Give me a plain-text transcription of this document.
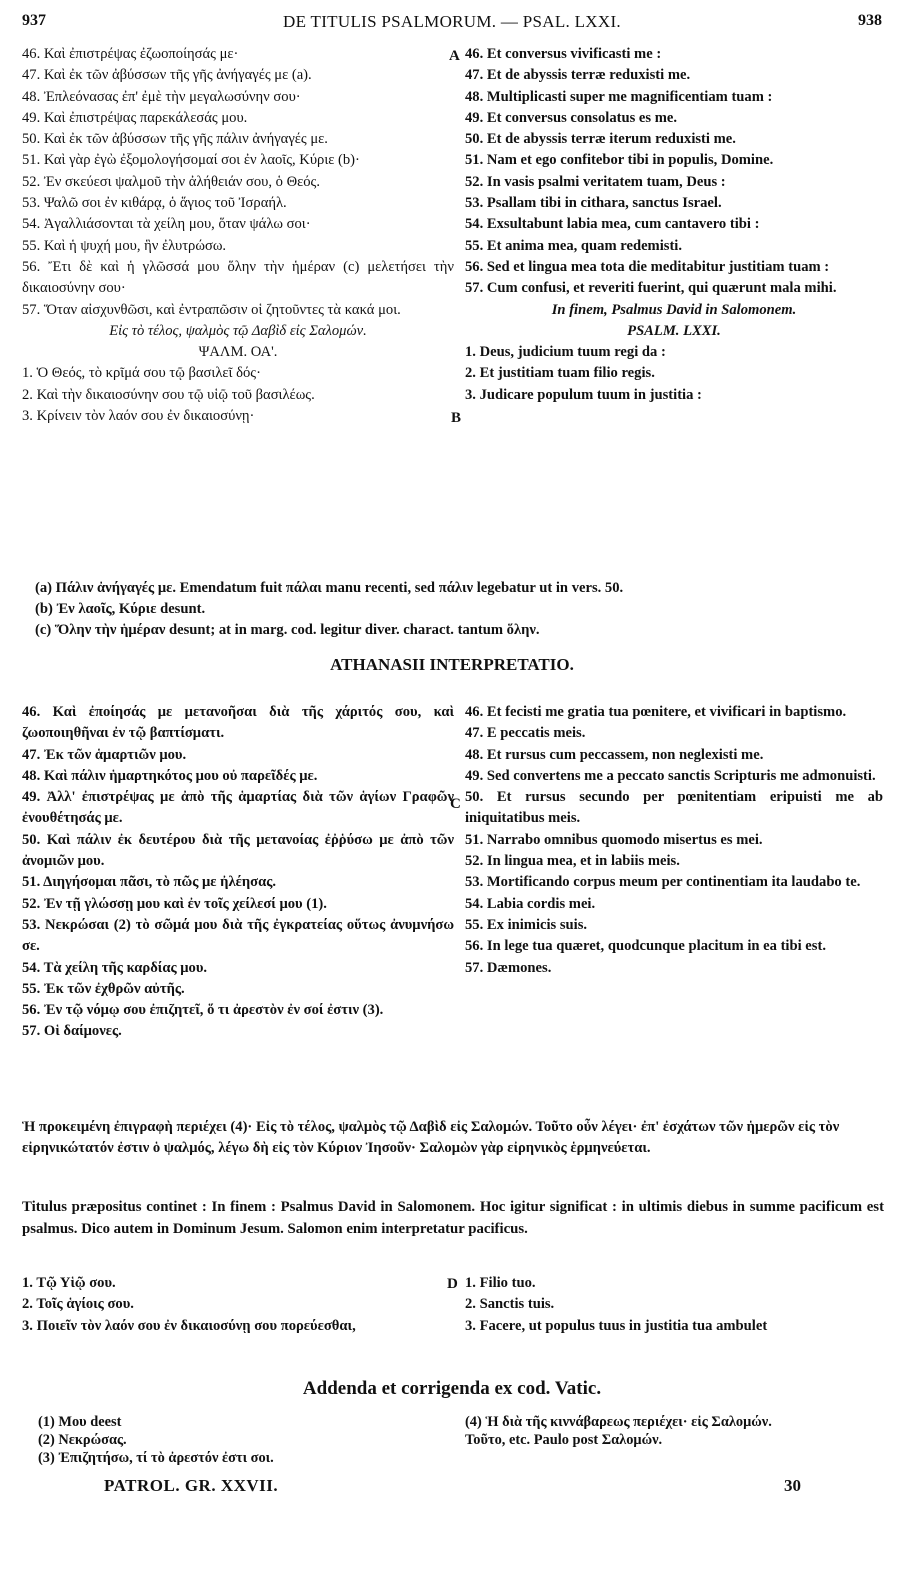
937	DE TITULIS PSALMORUM. — PSAL. LXXI.	938
A
B
C
D
46. Καὶ ἐπιστρέψας ἐζωοποίησάς με·
47. Καὶ ἐκ τῶν ἀβύσσων τῆς γῆς ἀνήγαγές με (a).
48. Ἐπλεόνασας ἐπ' ἐμὲ τὴν μεγαλωσύνην σου·
49. Καὶ ἐπιστρέψας παρεκάλεσάς μου.
50. Καὶ ἐκ τῶν ἀβύσσων τῆς γῆς πάλιν ἀνήγαγές με.
51. Καὶ γὰρ ἐγὼ ἐξομολογήσομαί σοι ἐν λαοῖς, Κύριε (b)·
52. Ἐν σκεύεσι ψαλμοῦ τὴν ἀλήθειάν σου, ὁ Θεός.
53. Ψαλῶ σοι ἐν κιθάρᾳ, ὁ ἅγιος τοῦ Ἰσραήλ.
54. Ἀγαλλιάσονται τὰ χείλη μου, ὅταν ψάλω σοι·
55. Καὶ ἡ ψυχή μου, ἣν ἐλυτρώσω.
56. Ἔτι δὲ καὶ ἡ γλῶσσά μου ὅλην τὴν ἡμέραν (c) μελετήσει τὴν δικαιοσύνην σου·
57. Ὅταν αἰσχυνθῶσι, καὶ ἐντραπῶσιν οἱ ζητοῦντες τὰ κακά μοι.
Εἰς τὸ τέλος, ψαλμὸς τῷ Δαβὶδ εἰς Σαλομών.
ΨΑΛΜ. ΟΑ'.
1. Ὁ Θεός, τὸ κρῖμά σου τῷ βασιλεῖ δός·
2. Καὶ τὴν δικαιοσύνην σου τῷ υἱῷ τοῦ βασιλέως.
3. Κρίνειν τὸν λαόν σου ἐν δικαιοσύνῃ·
46. Et conversus vivificasti me :
47. Et de abyssis terræ reduxisti me.
48. Multiplicasti super me magnificentiam tuam :
49. Et conversus consolatus es me.
50. Et de abyssis terræ iterum reduxisti me.
51. Nam et ego confitebor tibi in populis, Domine.
52. In vasis psalmi veritatem tuam, Deus :
53. Psallam tibi in cithara, sanctus Israel.
54. Exsultabunt labia mea, cum cantavero tibi :
55. Et anima mea, quam redemisti.
56. Sed et lingua mea tota die meditabitur justitiam tuam :
57. Cum confusi, et reveriti fuerint, qui quærunt mala mihi.
In finem, Psalmus David in Salomonem.
PSALM. LXXI.
1. Deus, judicium tuum regi da :
2. Et justitiam tuam filio regis.
3. Judicare populum tuum in justitia :
(a) Πάλιν ἀνήγαγές με. Emendatum fuit πάλαι manu recenti, sed πάλιν legebatur ut in vers. 50.
(b) Ἐν λαοῖς, Κύριε desunt.
(c) Ὅλην τὴν ἡμέραν desunt; at in marg. cod. legitur diver. charact. tantum ὅλην.
ATHANASII INTERPRETATIO.
46. Καὶ ἐποίησάς με μετανοῆσαι διὰ τῆς χάριτός σου, καὶ ζωοποιηθῆναι ἐν τῷ βαπτίσματι.
47. Ἐκ τῶν ἁμαρτιῶν μου.
48. Καὶ πάλιν ἡμαρτηκότος μου οὐ παρεῖδές με.
49. Ἀλλ' ἐπιστρέψας με ἀπὸ τῆς ἁμαρτίας διὰ τῶν ἁγίων Γραφῶν ἐνουθέτησάς με.
50. Καὶ πάλιν ἐκ δευτέρου διὰ τῆς μετανοίας ἐῤῥύσω με ἀπὸ τῶν ἀνομιῶν μου.
51. Διηγήσομαι πᾶσι, τὸ πῶς με ἠλέησας.
52. Ἐν τῇ γλώσσῃ μου καὶ ἐν τοῖς χείλεσί μου (1).
53. Νεκρώσαι (2) τὸ σῶμά μου διὰ τῆς ἐγκρατείας οὕτως ἀνυμνήσω σε.
54. Τὰ χείλη τῆς καρδίας μου.
55. Ἐκ τῶν ἐχθρῶν αὐτῆς.
56. Ἐν τῷ νόμῳ σου ἐπιζητεῖ, ὅ τι ἀρεστὸν ἐν σοί ἐστιν (3).
57. Οἱ δαίμονες.
46. Et fecisti me gratia tua pœnitere, et vivificari in baptismo.
47. E peccatis meis.
48. Et rursus cum peccassem, non neglexisti me.
49. Sed convertens me a peccato sanctis Scripturis me admonuisti.
50. Et rursus secundo per pœnitentiam eripuisti me ab iniquitatibus meis.
51. Narrabo omnibus quomodo misertus es mei.
52. In lingua mea, et in labiis meis.
53. Mortificando corpus meum per continentiam ita laudabo te.
54. Labia cordis mei.
55. Ex inimicis suis.
56. In lege tua quæret, quodcunque placitum in ea tibi est.
57. Dæmones.
Ἡ προκειμένη ἐπιγραφὴ περιέχει (4)· Εἰς τὸ τέλος, ψαλμὸς τῷ Δαβὶδ εἰς Σαλομών. Τοῦτο οὖν λέγει· ἐπ' ἐσχάτων τῶν ἡμερῶν εἰς τὸν εἰρηνικώτατόν ἐστιν ὁ ψαλμός, λέγω δὴ εἰς τὸν Κύριον Ἰησοῦν· Σαλομὼν γὰρ εἰρηνικὸς ἑρμηνεύεται.
Titulus præpositus continet : In finem : Psalmus David in Salomonem. Hoc igitur significat : in ultimis diebus in summe pacificum est psalmus. Dico autem in Dominum Jesum. Salomon enim interpretatur pacificus.
1. Τῷ Υἱῷ σου.
2. Τοῖς ἁγίοις σου.
3. Ποιεῖν τὸν λαόν σου ἐν δικαιοσύνῃ σου πορεύεσθαι,
1. Filio tuo.
2. Sanctis tuis.
3. Facere, ut populus tuus in justitia tua ambulet
Addenda et corrigenda ex cod. Vatic.
(1) Μου deest
(2) Νεκρώσας.
(3) Ἐπιζητήσω, τί τὸ ἀρεστόν ἐστι σοι.
(4) Ἡ διὰ τῆς κιννάβαρεως περιέχει· εἰς Σαλομών.
Τοῦτο, etc. Paulo post Σαλομών.
PATROL. GR. XXVII.	30
